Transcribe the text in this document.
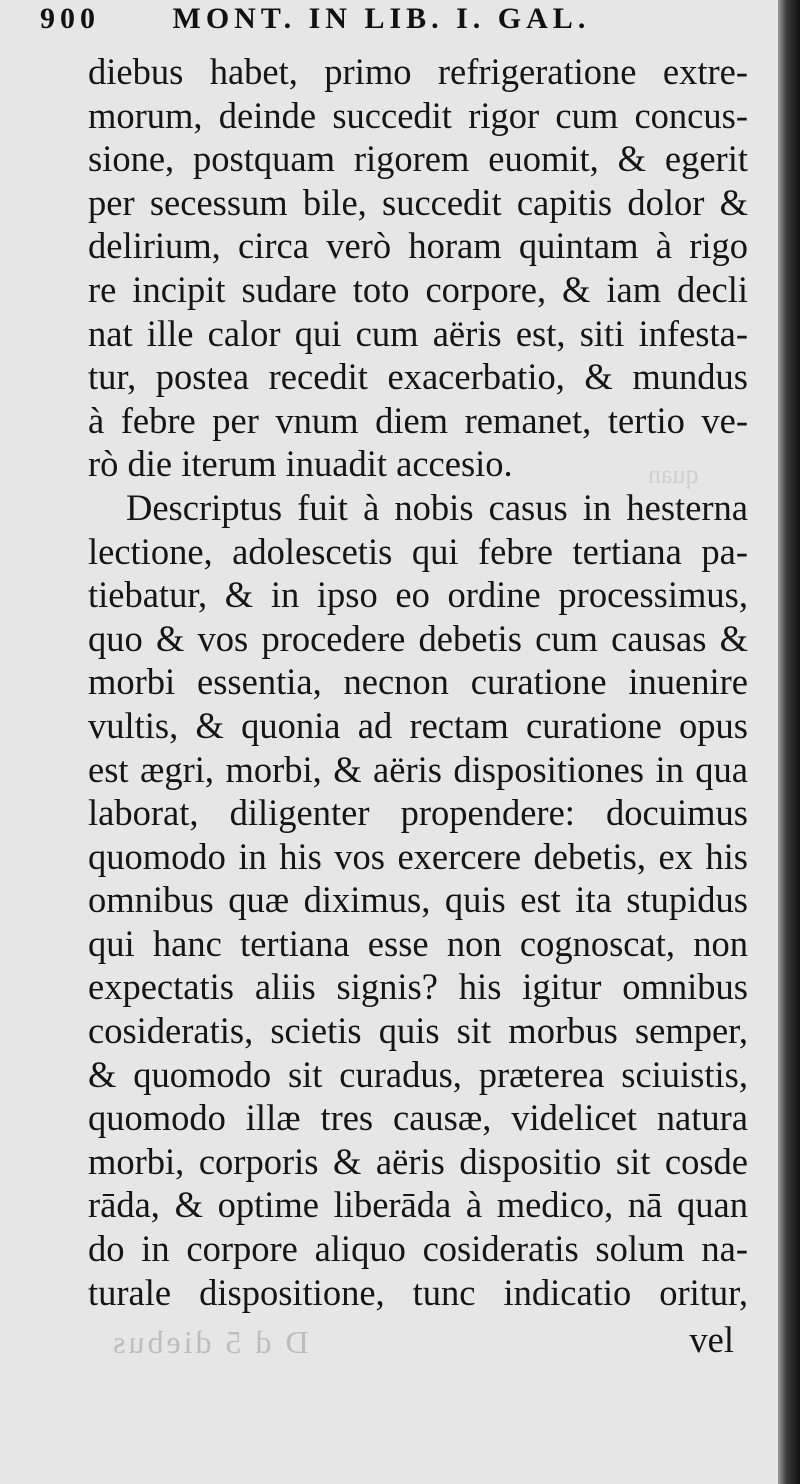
900 MONT. IN LIB. I. GAL.
quan
diebus habet, primo refrigeratione extre-
morum, deinde succedit rigor cum concus-
sione, postquam rigorem euomit, & egerit
per secessum bile, succedit capitis dolor &
delirium, circa verò horam quintam à rigo
re incipit sudare toto corpore, & iam decli
nat ille calor qui cum aëris est, siti infesta-
tur, postea recedit exacerbatio, & mundus
à febre per vnum diem remanet, tertio ve-
rò die iterum inuadit accesio.
Descriptus fuit à nobis casus in hesterna
lectione, adolescetis qui febre tertiana pa-
tiebatur, & in ipso eo ordine processimus,
quo & vos procedere debetis cum causas &
morbi essentia, necnon curatione inuenire
vultis, & quonia ad rectam curatione opus
est ægri, morbi, & aëris dispositiones in qua
laborat, diligenter propendere: docuimus
quomodo in his vos exercere debetis, ex his
omnibus quæ diximus, quis est ita stupidus
qui hanc tertiana esse non cognoscat, non
expectatis aliis signis? his igitur omnibus
cosideratis, scietis quis sit morbus semper,
& quomodo sit curadus, præterea sciuistis,
quomodo illæ tres causæ, videlicet natura
morbi, corporis & aëris dispositio sit cosde
rāda, & optime liberāda à medico, nā quan
do in corpore aliquo cosideratis solum na-
turale dispositione, tunc indicatio oritur,
D d 5 diebus	vel
